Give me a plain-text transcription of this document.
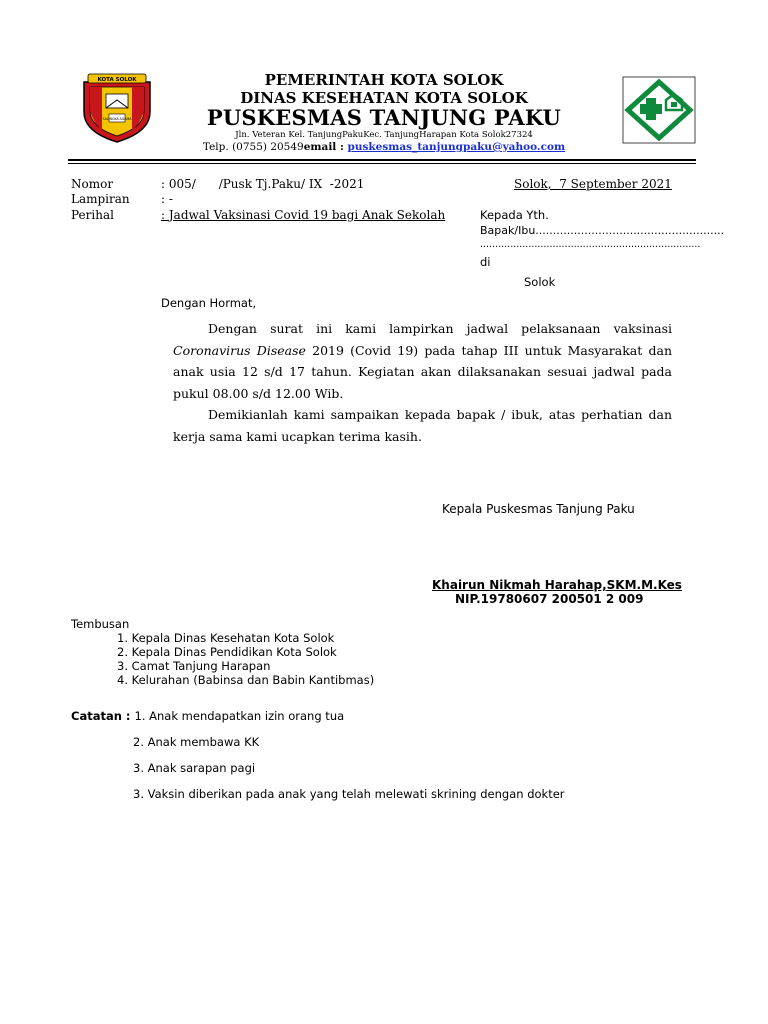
KOTA SOLOK
SALINGKA AGAMA
PEMERINTAH KOTA SOLOK
DINAS KESEHATAN KOTA SOLOK
PUSKESMAS TANJUNG PAKU
Jln. Veteran Kel. TanjungPakuKec. TanjungHarapan Kota Solok27324
Telp. (0755) 20549email : puskesmas_tanjungpaku@yahoo.com
Nomor	: 005/      /Pusk Tj.Paku/ IX  -2021
Lampiran	: -
Perihal	: Jadwal Vaksinasi Covid 19 bagi Anak Sekolah
Solok,  7 September 2021
Kepada Yth.
Bapak/Ibu......................................................
.........................................................................
di
Solok
Dengan Hormat,
Dengan surat ini kami lampirkan jadwal pelaksanaan vaksinasi Coronavirus Disease 2019 (Covid 19) pada tahap III untuk Masyarakat dan anak usia 12 s/d 17 tahun. Kegiatan akan dilaksanakan sesuai jadwal pada pukul 08.00 s/d 12.00 Wib.
Demikianlah kami sampaikan kepada bapak / ibuk, atas perhatian dan kerja sama kami ucapkan terima kasih.
Kepala Puskesmas Tanjung Paku
Khairun Nikmah Harahap,SKM.M.Kes
NIP.19780607 200501 2 009
Tembusan
1. Kepala Dinas Kesehatan Kota Solok
2. Kepala Dinas Pendidikan Kota Solok
3. Camat Tanjung Harapan
4. Kelurahan (Babinsa dan Babin Kantibmas)
Catatan : 1. Anak mendapatkan izin orang tua
2. Anak membawa KK
3. Anak sarapan pagi
3. Vaksin diberikan pada anak yang telah melewati skrining dengan dokter
